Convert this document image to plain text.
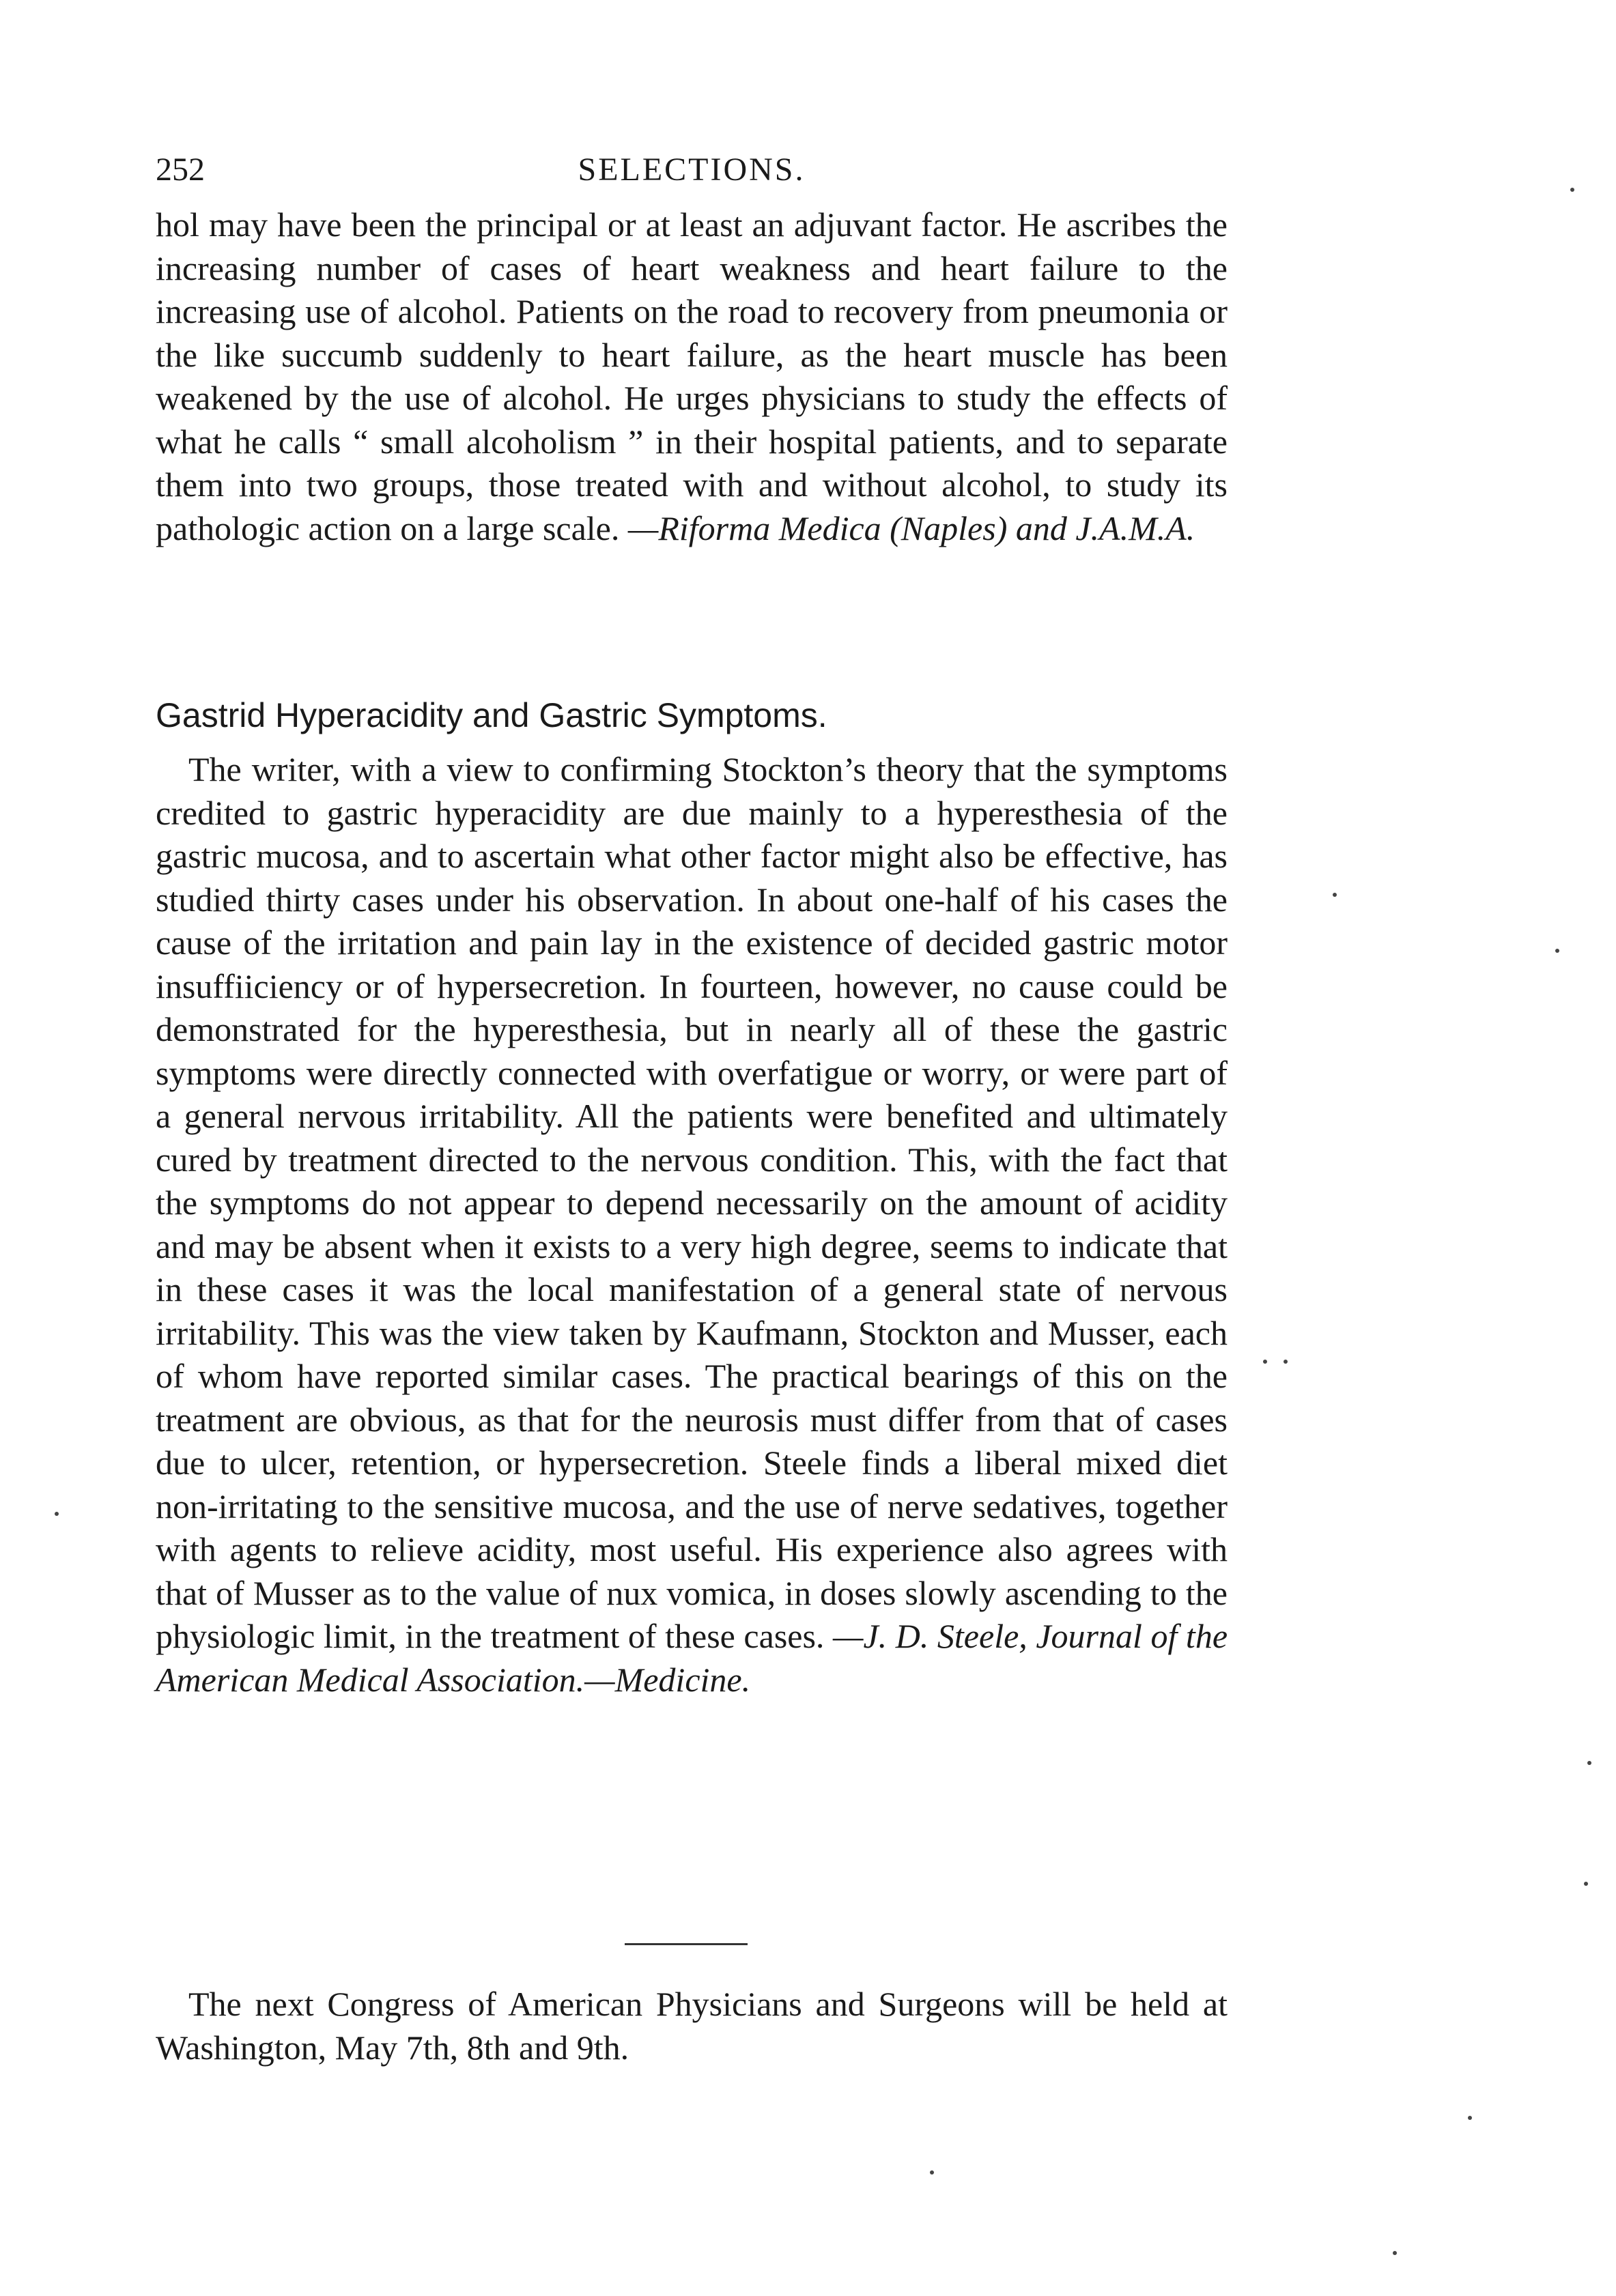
252	SELECTIONS.

hol may have been the principal or at least an adjuvant factor. He ascribes the increasing number of cases of heart weakness and heart failure to the increasing use of alcohol. Patients on the road to recovery from pneumonia or the like succumb suddenly to heart failure, as the heart muscle has been weakened by the use of alcohol. He urges physicians to study the effects of what he calls “ small alcoholism ” in their hospital patients, and to separate them into two groups, those treated with and without alcohol, to study its pathologic action on a large scale. —Riforma Medica (Naples) and J.A.M.A.

Gastrid Hyperacidity and Gastric Symptoms.

The writer, with a view to confirming Stockton’s theory that the symptoms credited to gastric hyperacidity are due mainly to a hyperesthesia of the gastric mucosa, and to ascertain what other factor might also be effective, has studied thirty cases under his observation. In about one-half of his cases the cause of the irritation and pain lay in the existence of decided gastric motor insuffiiciency or of hypersecretion. In fourteen, however, no cause could be demonstrated for the hyperesthesia, but in nearly all of these the gastric symptoms were directly connected with overfatigue or worry, or were part of a general nervous irritability. All the patients were benefited and ultimately cured by treatment directed to the nervous condition. This, with the fact that the symptoms do not appear to depend necessarily on the amount of acidity and may be absent when it exists to a very high degree, seems to indicate that in these cases it was the local manifestation of a general state of nervous irritability. This was the view taken by Kaufmann, Stockton and Musser, each of whom have reported similar cases. The practical bearings of this on the treatment are obvious, as that for the neurosis must differ from that of cases due to ulcer, retention, or hypersecretion. Steele finds a liberal mixed diet non-irritating to the sensitive mucosa, and the use of nerve sedatives, together with agents to relieve acidity, most useful. His experience also agrees with that of Musser as to the value of nux vomica, in doses slowly ascending to the physiologic limit, in the treatment of these cases. —J. D. Steele, Journal of the American Medical Association.—Medicine.

The next Congress of American Physicians and Surgeons will be held at Washington, May 7th, 8th and 9th.
